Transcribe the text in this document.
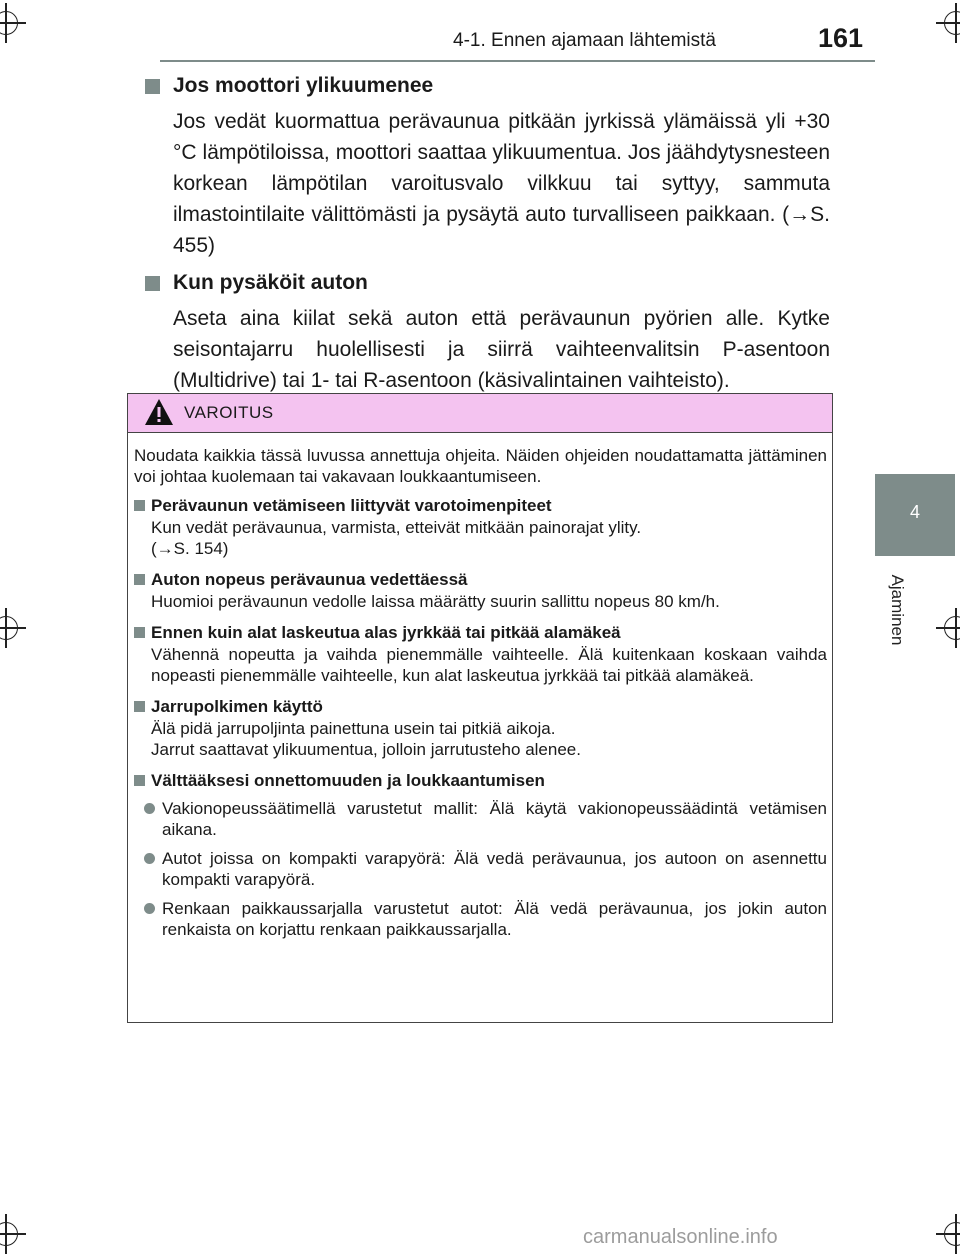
4-1. Ennen ajamaan lähtemistä	161
4
Ajaminen
Jos moottori ylikuumenee
Jos vedät kuormattua perävaunua pitkään jyrkissä ylämäissä yli +30 °C lämpötiloissa, moottori saattaa ylikuumentua. Jos jäähdytysnesteen korkean lämpötilan varoitusvalo vilkkuu tai syttyy, sammuta ilmastointilaite välittömästi ja pysäytä auto turvalliseen paikkaan. (→S. 455)
Kun pysäköit auton
Aseta aina kiilat sekä auton että perävaunun pyörien alle. Kytke seisontajarru huolellisesti ja siirrä vaihteenvalitsin P-asentoon (Multidrive) tai 1- tai R-asentoon (käsivalintainen vaihteisto).
VAROITUS
Noudata kaikkia tässä luvussa annettuja ohjeita. Näiden ohjeiden noudattamatta jättäminen voi johtaa kuolemaan tai vakavaan loukkaantumiseen.
Perävaunun vetämiseen liittyvät varotoimenpiteet
Kun vedät perävaunua, varmista, etteivät mitkään painorajat ylity.
(→S. 154)
Auton nopeus perävaunua vedettäessä
Huomioi perävaunun vedolle laissa määrätty suurin sallittu nopeus 80 km/h.
Ennen kuin alat laskeutua alas jyrkkää tai pitkää alamäkeä
Vähennä nopeutta ja vaihda pienemmälle vaihteelle. Älä kuitenkaan koskaan vaihda nopeasti pienemmälle vaihteelle, kun alat laskeutua jyrkkää tai pitkää alamäkeä.
Jarrupolkimen käyttö
Älä pidä jarrupoljinta painettuna usein tai pitkiä aikoja.
Jarrut saattavat ylikuumentua, jolloin jarrutusteho alenee.
Välttääksesi onnettomuuden ja loukkaantumisen
Vakionopeussäätimellä varustetut mallit: Älä käytä vakionopeussäädintä vetämisen aikana.
Autot joissa on kompakti varapyörä: Älä vedä perävaunua, jos autoon on asennettu kompakti varapyörä.
Renkaan paikkaussarjalla varustetut autot: Älä vedä perävaunua, jos jokin auton renkaista on korjattu renkaan paikkaussarjalla.
carmanualsonline.info
